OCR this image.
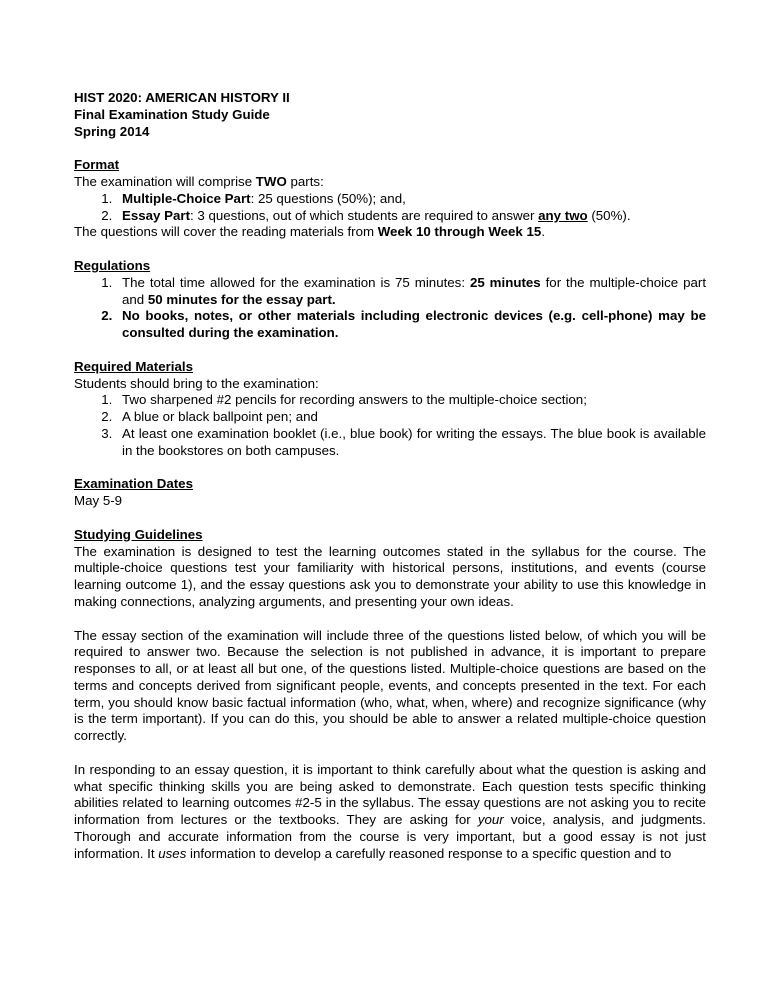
HIST 2020: AMERICAN HISTORY II

Final Examination Study Guide

Spring 2014

Format

The examination will comprise TWO parts:

1. Multiple-Choice Part: 25 questions (50%); and,
2. Essay Part: 3 questions, out of which students are required to answer any two (50%).

The questions will cover the reading materials from Week 10 through Week 15.

Regulations

1. The total time allowed for the examination is 75 minutes: 25 minutes for the multiple-choice part and 50 minutes for the essay part.
2. No books, notes, or other materials including electronic devices (e.g. cell-phone) may be consulted during the examination.

Required Materials

Students should bring to the examination:

1. Two sharpened #2 pencils for recording answers to the multiple-choice section;
2. A blue or black ballpoint pen; and
3. At least one examination booklet (i.e., blue book) for writing the essays. The blue book is available in the bookstores on both campuses.

Examination Dates

May 5-9

Studying Guidelines

The examination is designed to test the learning outcomes stated in the syllabus for the course. The multiple-choice questions test your familiarity with historical persons, institutions, and events (course learning outcome 1), and the essay questions ask you to demonstrate your ability to use this knowledge in making connections, analyzing arguments, and presenting your own ideas.

The essay section of the examination will include three of the questions listed below, of which you will be required to answer two. Because the selection is not published in advance, it is important to prepare responses to all, or at least all but one, of the questions listed. Multiple-choice questions are based on the terms and concepts derived from significant people, events, and concepts presented in the text. For each term, you should know basic factual information (who, what, when, where) and recognize significance (why is the term important). If you can do this, you should be able to answer a related multiple-choice question correctly.

In responding to an essay question, it is important to think carefully about what the question is asking and what specific thinking skills you are being asked to demonstrate. Each question tests specific thinking abilities related to learning outcomes #2-5 in the syllabus. The essay questions are not asking you to recite information from lectures or the textbooks. They are asking for your voice, analysis, and judgments. Thorough and accurate information from the course is very important, but a good essay is not just information. It uses information to develop a carefully reasoned response to a specific question and to
